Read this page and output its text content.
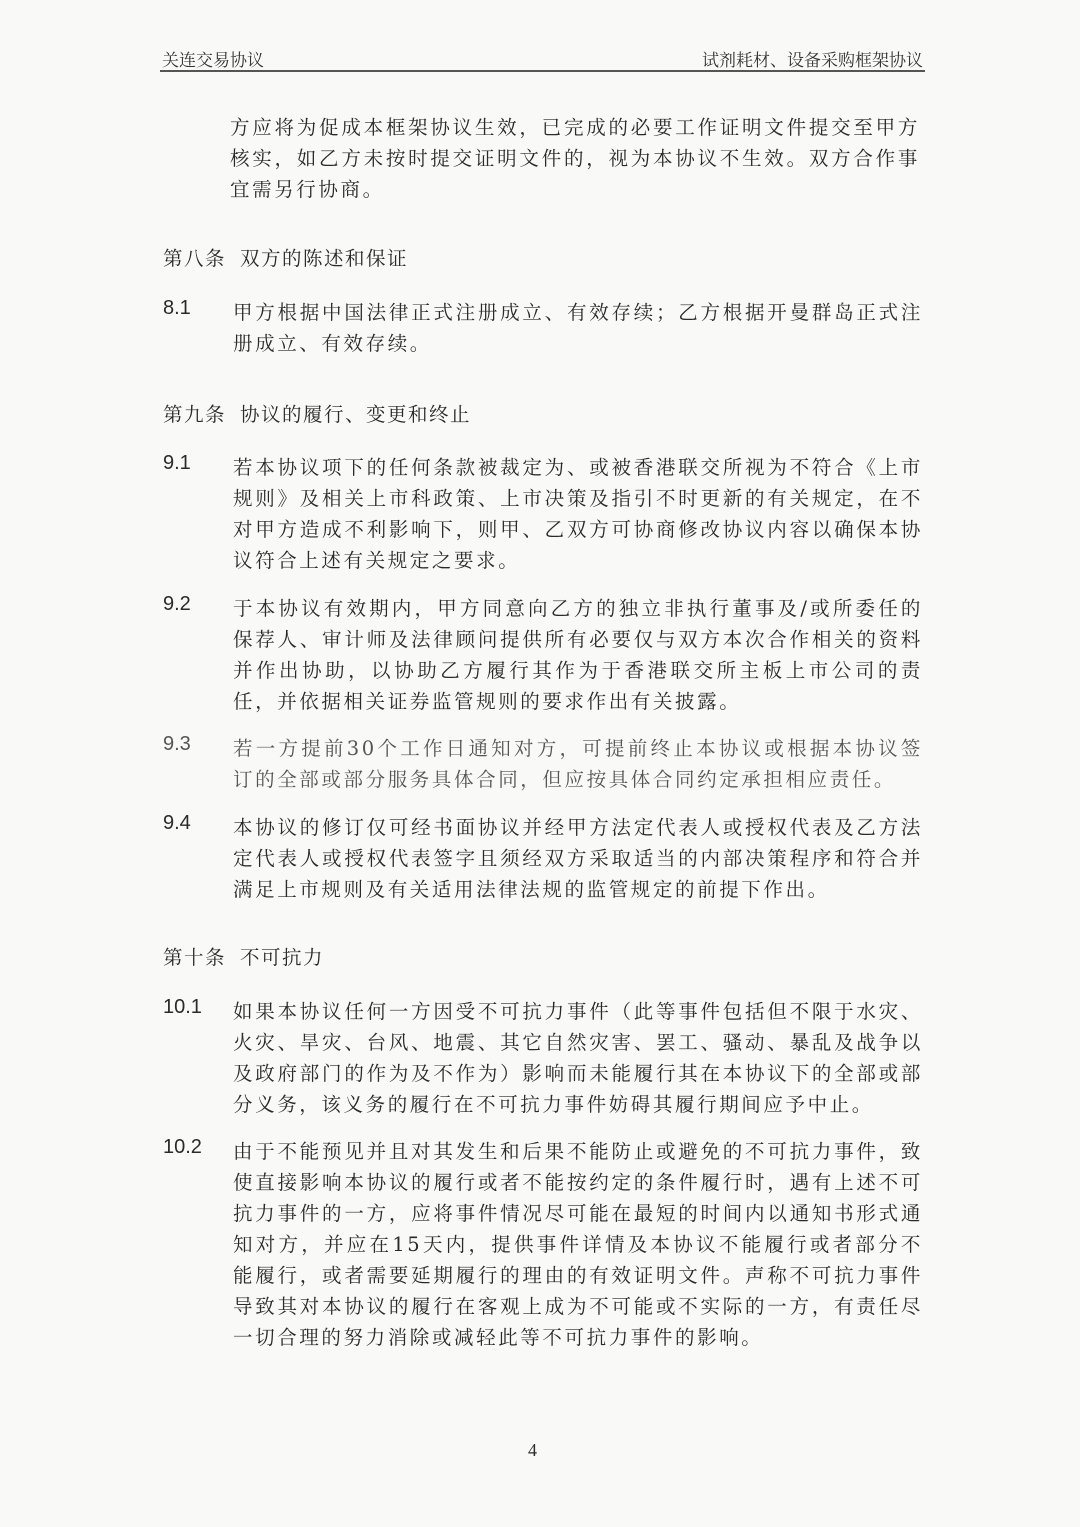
关连交易协议	试剂耗材、设备采购框架协议
方应将为促成本框架协议生效，已完成的必要工作证明文件提交至甲方核实，如乙方未按时提交证明文件的，视为本协议不生效。双方合作事宜需另行协商。
第八条 双方的陈述和保证
8.1 甲方根据中国法律正式注册成立、有效存续；乙方根据开曼群岛正式注册成立、有效存续。
第九条 协议的履行、变更和终止
9.1 若本协议项下的任何条款被裁定为、或被香港联交所视为不符合《上市规则》及相关上市科政策、上市决策及指引不时更新的有关规定，在不对甲方造成不利影响下，则甲、乙双方可协商修改协议内容以确保本协议符合上述有关规定之要求。
9.2 于本协议有效期内，甲方同意向乙方的独立非执行董事及/或所委任的保荐人、审计师及法律顾问提供所有必要仅与双方本次合作相关的资料并作出协助，以协助乙方履行其作为于香港联交所主板上市公司的责任，并依据相关证券监管规则的要求作出有关披露。
9.3 若一方提前30个工作日通知对方，可提前终止本协议或根据本协议签订的全部或部分服务具体合同，但应按具体合同约定承担相应责任。
9.4 本协议的修订仅可经书面协议并经甲方法定代表人或授权代表及乙方法定代表人或授权代表签字且须经双方采取适当的内部决策程序和符合并满足上市规则及有关适用法律法规的监管规定的前提下作出。
第十条 不可抗力
10.1 如果本协议任何一方因受不可抗力事件（此等事件包括但不限于水灾、火灾、旱灾、台风、地震、其它自然灾害、罢工、骚动、暴乱及战争以及政府部门的作为及不作为）影响而未能履行其在本协议下的全部或部分义务，该义务的履行在不可抗力事件妨碍其履行期间应予中止。
10.2 由于不能预见并且对其发生和后果不能防止或避免的不可抗力事件，致使直接影响本协议的履行或者不能按约定的条件履行时，遇有上述不可抗力事件的一方，应将事件情况尽可能在最短的时间内以通知书形式通知对方，并应在15天内，提供事件详情及本协议不能履行或者部分不能履行，或者需要延期履行的理由的有效证明文件。声称不可抗力事件导致其对本协议的履行在客观上成为不可能或不实际的一方，有责任尽一切合理的努力消除或减轻此等不可抗力事件的影响。
4
